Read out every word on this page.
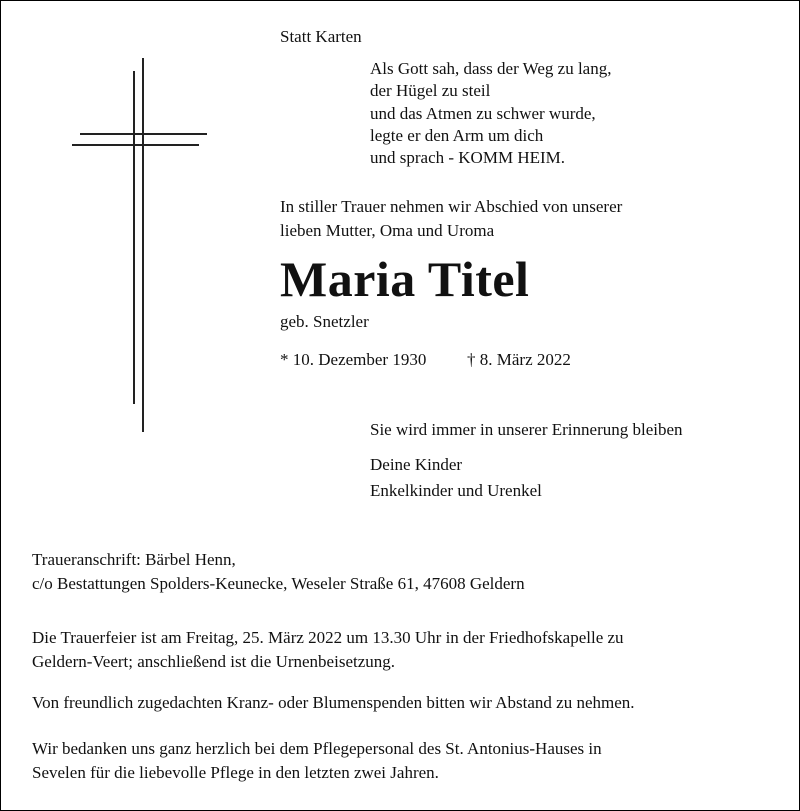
Statt Karten
Als Gott sah, dass der Weg zu lang,
der Hügel zu steil
und das Atmen zu schwer wurde,
legte er den Arm um dich
und sprach - KOMM HEIM.
In stiller Trauer nehmen wir Abschied von unserer
lieben Mutter, Oma und Uroma
Maria Titel
geb. Snetzler
* 10. Dezember 1930 † 8. März 2022
Sie wird immer in unserer Erinnerung bleiben
Deine Kinder
Enkelkinder und Urenkel
Traueranschrift: Bärbel Henn,
c/o Bestattungen Spolders-Keunecke, Weseler Straße 61, 47608 Geldern
Die Trauerfeier ist am Freitag, 25. März 2022 um 13.30 Uhr in der Friedhofskapelle zu
Geldern-Veert; anschließend ist die Urnenbeisetzung.
Von freundlich zugedachten Kranz- oder Blumenspenden bitten wir Abstand zu nehmen.
Wir bedanken uns ganz herzlich bei dem Pflegepersonal des St. Antonius-Hauses in
Sevelen für die liebevolle Pflege in den letzten zwei Jahren.
